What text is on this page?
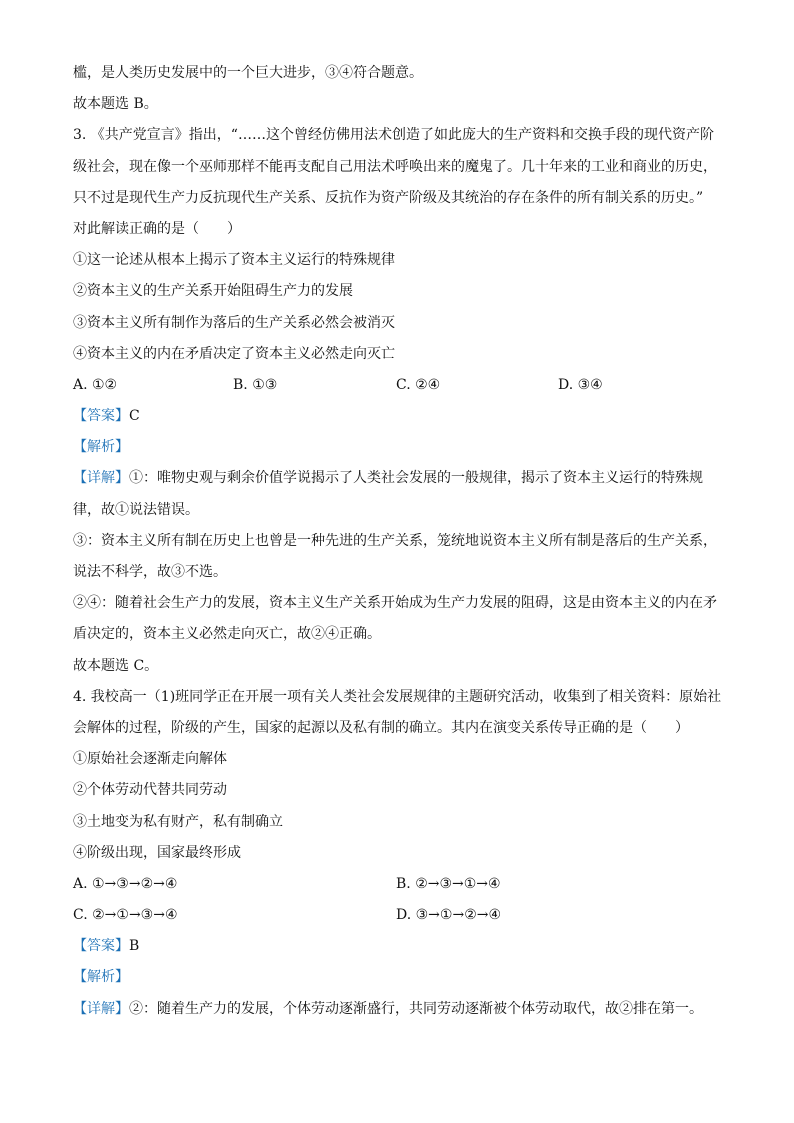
槛，是人类历史发展中的一个巨大进步，③④符合题意。
故本题选 B。
3. 《共产党宣言》指出，“……这个曾经仿佛用法术创造了如此庞大的生产资料和交换手段的现代资产阶
级社会，现在像一个巫师那样不能再支配自己用法术呼唤出来的魔鬼了。几十年来的工业和商业的历史，
只不过是现代生产力反抗现代生产关系、反抗作为资产阶级及其统治的存在条件的所有制关系的历史。”
对此解读正确的是（　　）
①这一论述从根本上揭示了资本主义运行的特殊规律
②资本主义的生产关系开始阻碍生产力的发展
③资本主义所有制作为落后的生产关系必然会被消灭
④资本主义的内在矛盾决定了资本主义必然走向灭亡
A. ①②	B. ①③	C. ②④	D. ③④
【答案】C
【解析】
【详解】①：唯物史观与剩余价值学说揭示了人类社会发展的一般规律，揭示了资本主义运行的特殊规
律，故①说法错误。
③：资本主义所有制在历史上也曾是一种先进的生产关系，笼统地说资本主义所有制是落后的生产关系，
说法不科学，故③不选。
②④：随着社会生产力的发展，资本主义生产关系开始成为生产力发展的阻碍，这是由资本主义的内在矛
盾决定的，资本主义必然走向灭亡，故②④正确。
故本题选 C。
4. 我校高一（1)班同学正在开展一项有关人类社会发展规律的主题研究活动，收集到了相关资料：原始社
会解体的过程，阶级的产生，国家的起源以及私有制的确立。其内在演变关系传导正确的是（　　）
①原始社会逐渐走向解体
②个体劳动代替共同劳动
③土地变为私有财产，私有制确立
④阶级出现，国家最终形成
A. ①→③→②→④	B. ②→③→①→④
C. ②→①→③→④	D. ③→①→②→④
【答案】B
【解析】
【详解】②：随着生产力的发展，个体劳动逐渐盛行，共同劳动逐渐被个体劳动取代，故②排在第一。
